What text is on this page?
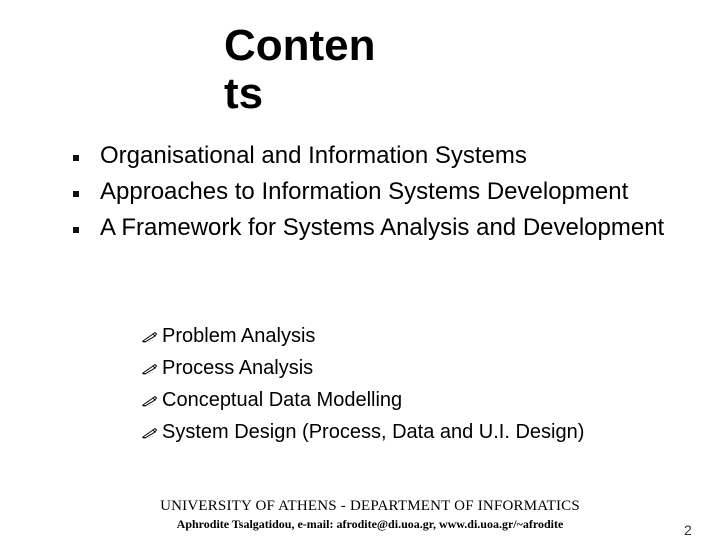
Conten
ts
Organisational and Information Systems
Approaches to Information Systems Development
A Framework for Systems Analysis and Development
Problem Analysis
Process Analysis
Conceptual Data Modelling
System Design (Process, Data and U.I. Design)
UNIVERSITY OF ATHENS - DEPARTMENT OF INFORMATICS
Aphrodite Tsalgatidou, e-mail: afrodite@di.uoa.gr, www.di.uoa.gr/~afrodite	2
